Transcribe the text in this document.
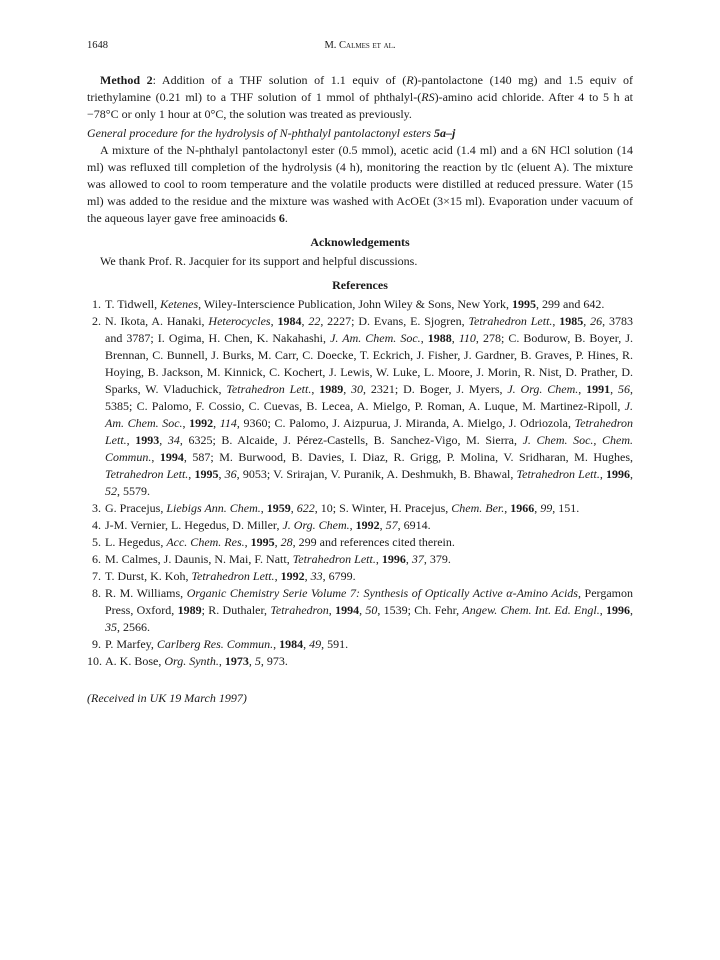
1648	M. Calmes et al.

Method 2: Addition of a THF solution of 1.1 equiv of (R)-pantolactone (140 mg) and 1.5 equiv of triethylamine (0.21 ml) to a THF solution of 1 mmol of phthalyl-(RS)-amino acid chloride. After 4 to 5 h at −78°C or only 1 hour at 0°C, the solution was treated as previously.

General procedure for the hydrolysis of N-phthalyl pantolactonyl esters 5a–j

A mixture of the N-phthalyl pantolactonyl ester (0.5 mmol), acetic acid (1.4 ml) and a 6N HCl solution (14 ml) was refluxed till completion of the hydrolysis (4 h), monitoring the reaction by tlc (eluent A). The mixture was allowed to cool to room temperature and the volatile products were distilled at reduced pressure. Water (15 ml) was added to the residue and the mixture was washed with AcOEt (3×15 ml). Evaporation under vacuum of the aqueous layer gave free aminoacids 6.

Acknowledgements

We thank Prof. R. Jacquier for its support and helpful discussions.

References
1. T. Tidwell, Ketenes, Wiley-Interscience Publication, John Wiley & Sons, New York, 1995, 299 and 642.
2. N. Ikota, A. Hanaki, Heterocycles, 1984, 22, 2227; D. Evans, E. Sjogren, Tetrahedron Lett., 1985, 26, 3783 and 3787; I. Ogima, H. Chen, K. Nakahashi, J. Am. Chem. Soc., 1988, 110, 278; C. Bodurow, B. Boyer, J. Brennan, C. Bunnell, J. Burks, M. Carr, C. Doecke, T. Eckrich, J. Fisher, J. Gardner, B. Graves, P. Hines, R. Hoying, B. Jackson, M. Kinnick, C. Kochert, J. Lewis, W. Luke, L. Moore, J. Morin, R. Nist, D. Prather, D. Sparks, W. Vladuchick, Tetrahedron Lett., 1989, 30, 2321; D. Boger, J. Myers, J. Org. Chem., 1991, 56, 5385; C. Palomo, F. Cossio, C. Cuevas, B. Lecea, A. Mielgo, P. Roman, A. Luque, M. Martinez-Ripoll, J. Am. Chem. Soc., 1992, 114, 9360; C. Palomo, J. Aizpurua, J. Miranda, A. Mielgo, J. Odriozola, Tetrahedron Lett., 1993, 34, 6325; B. Alcaide, J. Pérez-Castells, B. Sanchez-Vigo, M. Sierra, J. Chem. Soc., Chem. Commun., 1994, 587; M. Burwood, B. Davies, I. Diaz, R. Grigg, P. Molina, V. Sridharan, M. Hughes, Tetrahedron Lett., 1995, 36, 9053; V. Srirajan, V. Puranik, A. Deshmukh, B. Bhawal, Tetrahedron Lett., 1996, 52, 5579.
3. G. Pracejus, Liebigs Ann. Chem., 1959, 622, 10; S. Winter, H. Pracejus, Chem. Ber., 1966, 99, 151.
4. J-M. Vernier, L. Hegedus, D. Miller, J. Org. Chem., 1992, 57, 6914.
5. L. Hegedus, Acc. Chem. Res., 1995, 28, 299 and references cited therein.
6. M. Calmes, J. Daunis, N. Mai, F. Natt, Tetrahedron Lett., 1996, 37, 379.
7. T. Durst, K. Koh, Tetrahedron Lett., 1992, 33, 6799.
8. R. M. Williams, Organic Chemistry Serie Volume 7: Synthesis of Optically Active α-Amino Acids, Pergamon Press, Oxford, 1989; R. Duthaler, Tetrahedron, 1994, 50, 1539; Ch. Fehr, Angew. Chem. Int. Ed. Engl., 1996, 35, 2566.
9. P. Marfey, Carlberg Res. Commun., 1984, 49, 591.
10. A. K. Bose, Org. Synth., 1973, 5, 973.
(Received in UK 19 March 1997)
